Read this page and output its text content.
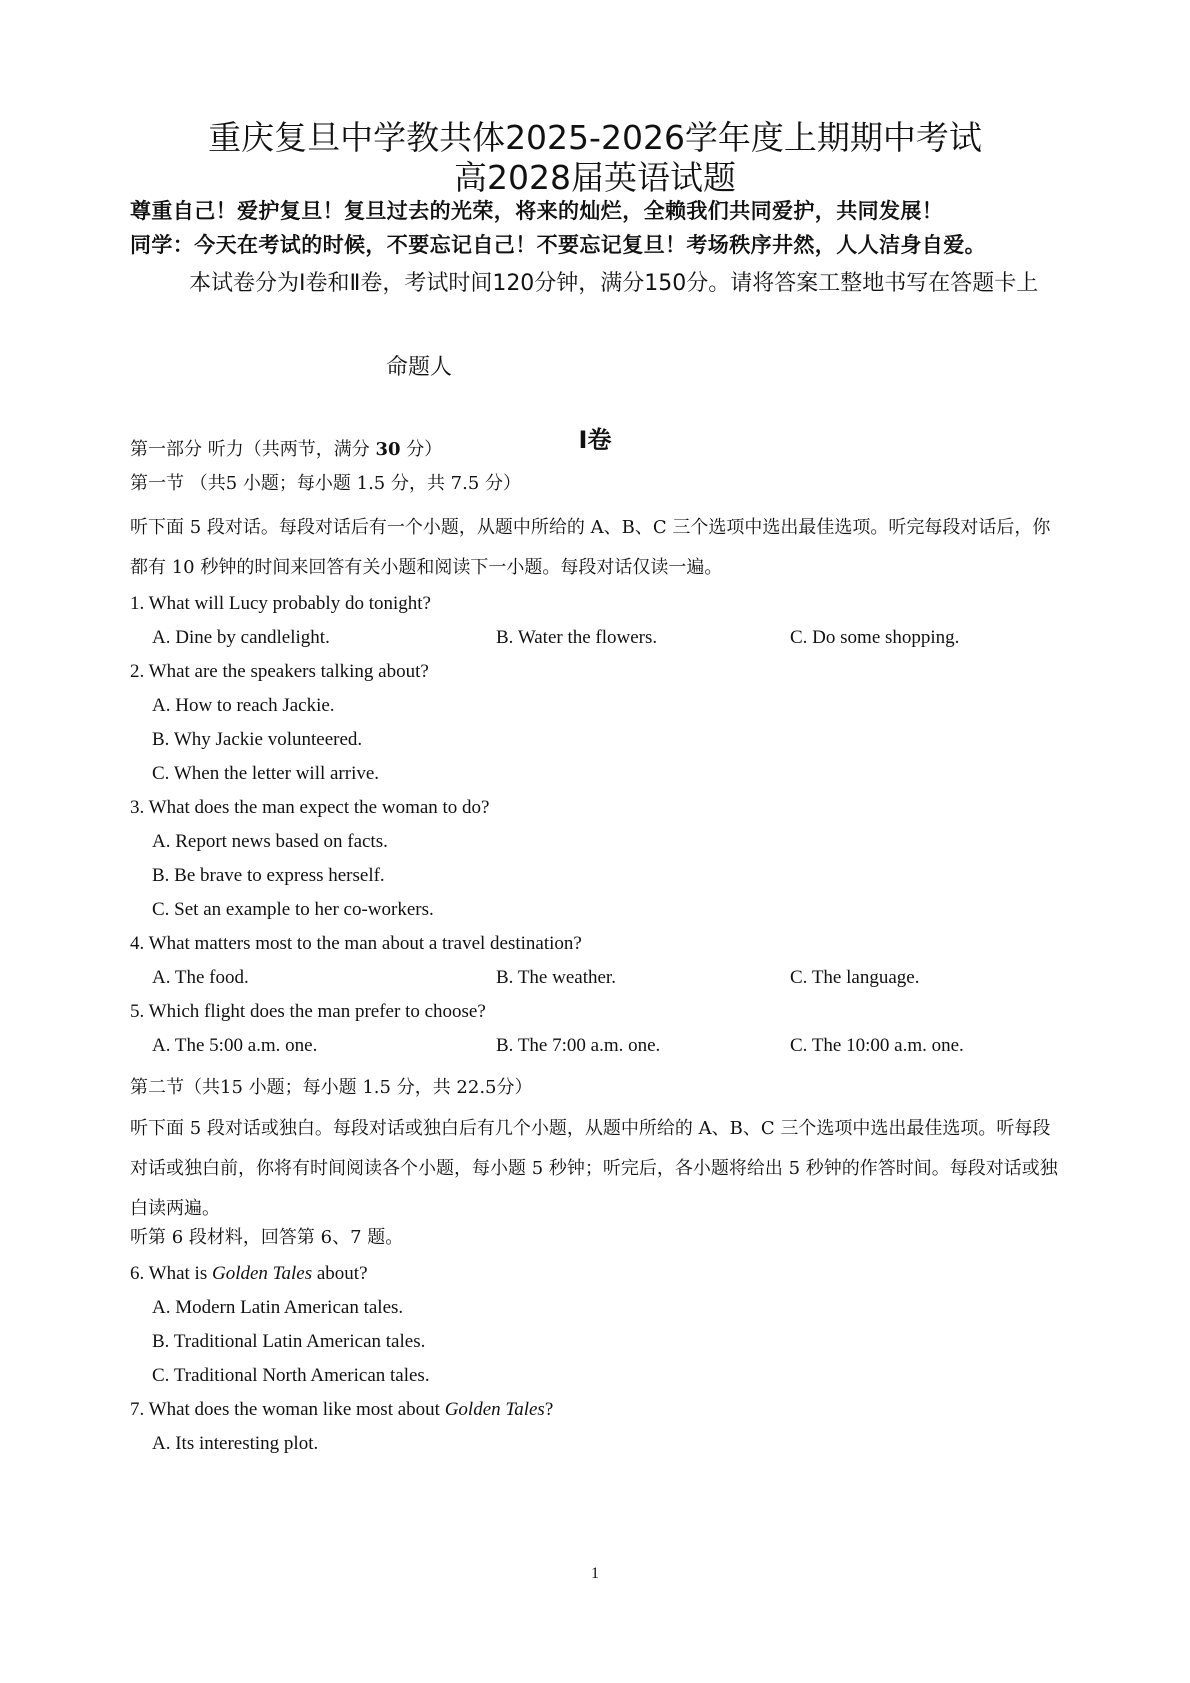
重庆复旦中学教共体2025-2026学年度上期期中考试
高2028届英语试题
尊重自己！爱护复旦！复旦过去的光荣，将来的灿烂，全赖我们共同爱护，共同发展！
同学：今天在考试的时候，不要忘记自己！不要忘记复旦！考场秩序井然，人人洁身自爱。
本试卷分为Ⅰ卷和Ⅱ卷，考试时间120分钟，满分150分。请将答案工整地书写在答题卡上
命题人
Ⅰ卷
第一部分 听力（共两节，满分 30 分）
第一节 （共5 小题；每小题 1.5 分，共 7.5 分）
听下面 5 段对话。每段对话后有一个小题，从题中所给的 A、B、C 三个选项中选出最佳选项。听完每段对话后，你都有 10 秒钟的时间来回答有关小题和阅读下一小题。每段对话仅读一遍。
1. What will Lucy probably do tonight?
A. Dine by candlelight.	B. Water the flowers.	C. Do some shopping.
2. What are the speakers talking about?
A. How to reach Jackie.
B. Why Jackie volunteered.
C. When the letter will arrive.
3. What does the man expect the woman to do?
A. Report news based on facts.
B. Be brave to express herself.
C. Set an example to her co-workers.
4. What matters most to the man about a travel destination?
A. The food.	B. The weather.	C. The language.
5. Which flight does the man prefer to choose?
A. The 5:00 a.m. one.	B. The 7:00 a.m. one.	C. The 10:00 a.m. one.
第二节（共15 小题；每小题 1.5 分，共 22.5分）
听下面 5 段对话或独白。每段对话或独白后有几个小题，从题中所给的 A、B、C 三个选项中选出最佳选项。听每段对话或独白前，你将有时间阅读各个小题，每小题 5 秒钟；听完后，各小题将给出 5 秒钟的作答时间。每段对话或独白读两遍。
听第 6 段材料，回答第 6、7 题。
6. What is Golden Tales about?
A. Modern Latin American tales.
B. Traditional Latin American tales.
C. Traditional North American tales.
7. What does the woman like most about Golden Tales?
A. Its interesting plot.
1
